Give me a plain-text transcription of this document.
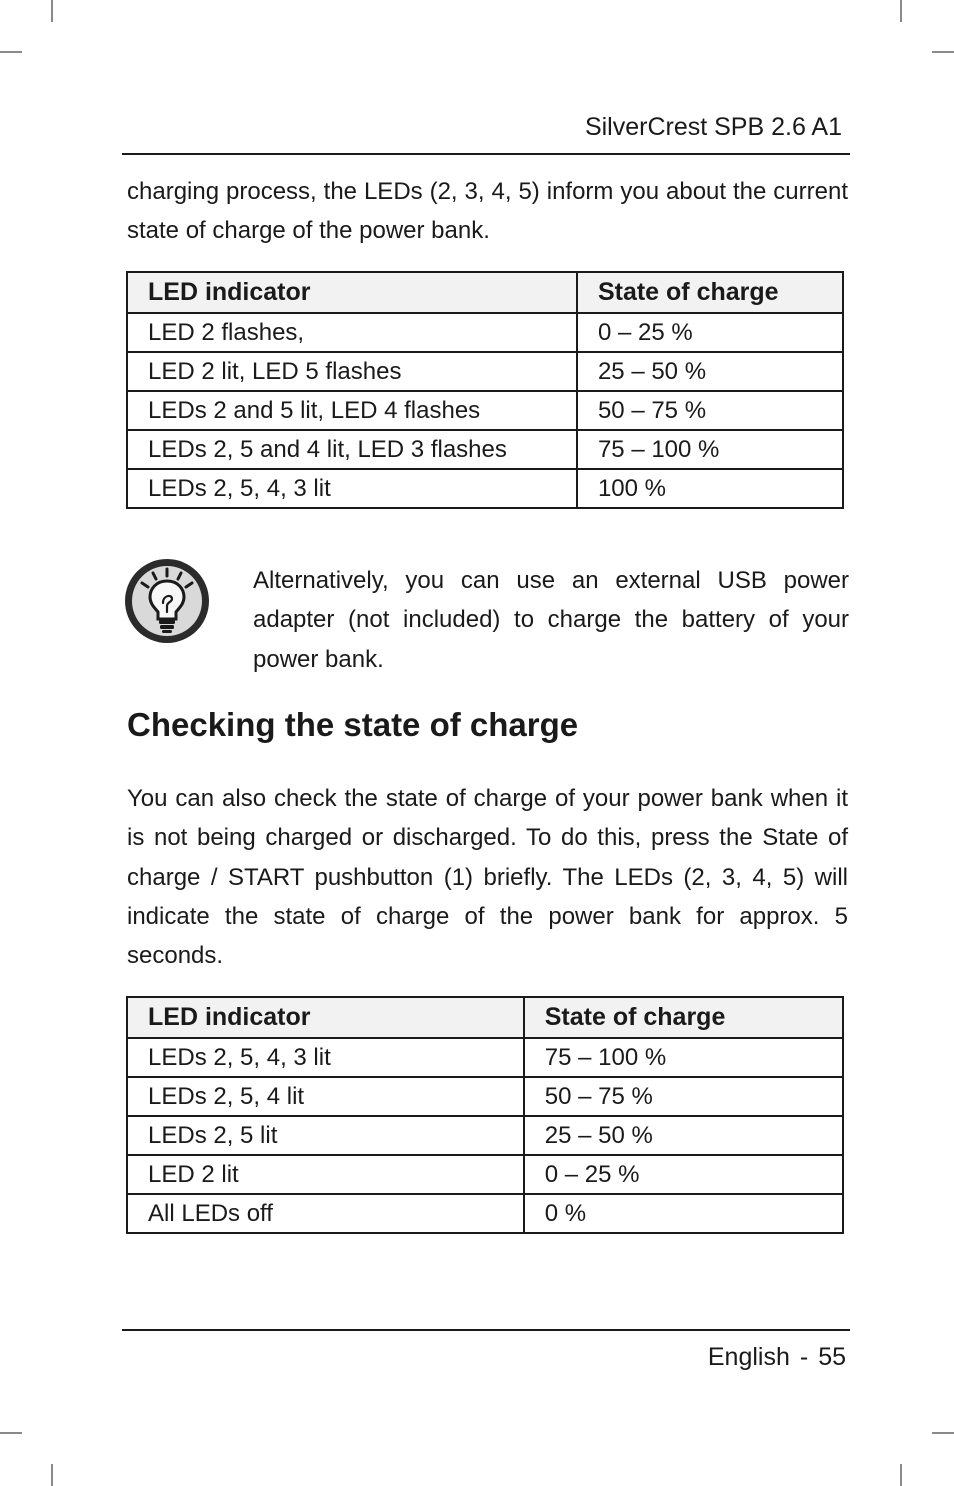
SilverCrest SPB 2.6 A1

charging process, the LEDs (2, 3, 4, 5) inform you about the current state of charge of the power bank.

LED indicator	State of charge
LED 2 flashes,	0 – 25 %
LED 2 lit, LED 5 flashes	25 – 50 %
LEDs 2 and 5 lit, LED 4 flashes	50 – 75 %
LEDs 2, 5 and 4 lit, LED 3 flashes	75 – 100 %
LEDs 2, 5, 4, 3 lit	100 %

Alternatively, you can use an external USB power adapter (not included) to charge the battery of your power bank.

Checking the state of charge

You can also check the state of charge of your power bank when it is not being charged or discharged. To do this, press the State of charge / START pushbutton (1) briefly. The LEDs (2, 3, 4, 5) will indicate the state of charge of the power bank for approx. 5 seconds.

LED indicator	State of charge
LEDs 2, 5, 4, 3 lit	75 – 100 %
LEDs 2, 5, 4 lit	50 – 75 %
LEDs 2, 5 lit	25 – 50 %
LED 2 lit	0 – 25 %
All LEDs off	0 %
English - 55
